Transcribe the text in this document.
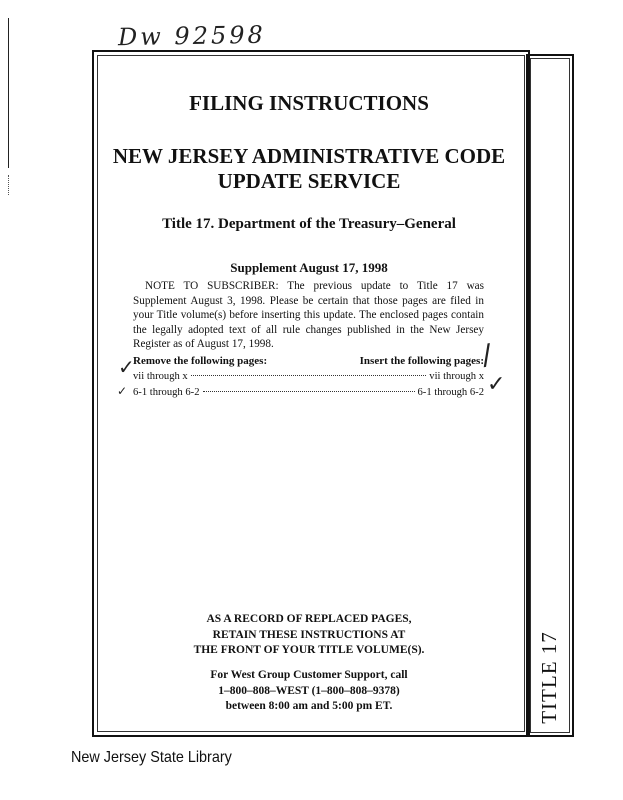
Dw 92598
TITLE 17
FILING INSTRUCTIONS
NEW JERSEY ADMINISTRATIVE CODE
UPDATE SERVICE
Title 17. Department of the Treasury–General
Supplement August 17, 1998

NOTE TO SUBSCRIBER: The previous update to Title 17 was Supplement August 3, 1998. Please be certain that those pages are filed in your Title volume(s) before inserting this update. The enclosed pages contain the legally adopted text of all rule changes published in the New Jersey Register as of August 17, 1998.

Remove the following pages:	Insert the following pages:
vii through x	vii through x
6-1 through 6-2	6-1 through 6-2
✓
✓
/
✓

AS A RECORD OF REPLACED PAGES,
RETAIN THESE INSTRUCTIONS AT
THE FRONT OF YOUR TITLE VOLUME(S).

For West Group Customer Support, call
1–800–808–WEST (1–800–808–9378)
between 8:00 am and 5:00 pm ET.

New Jersey State Library
